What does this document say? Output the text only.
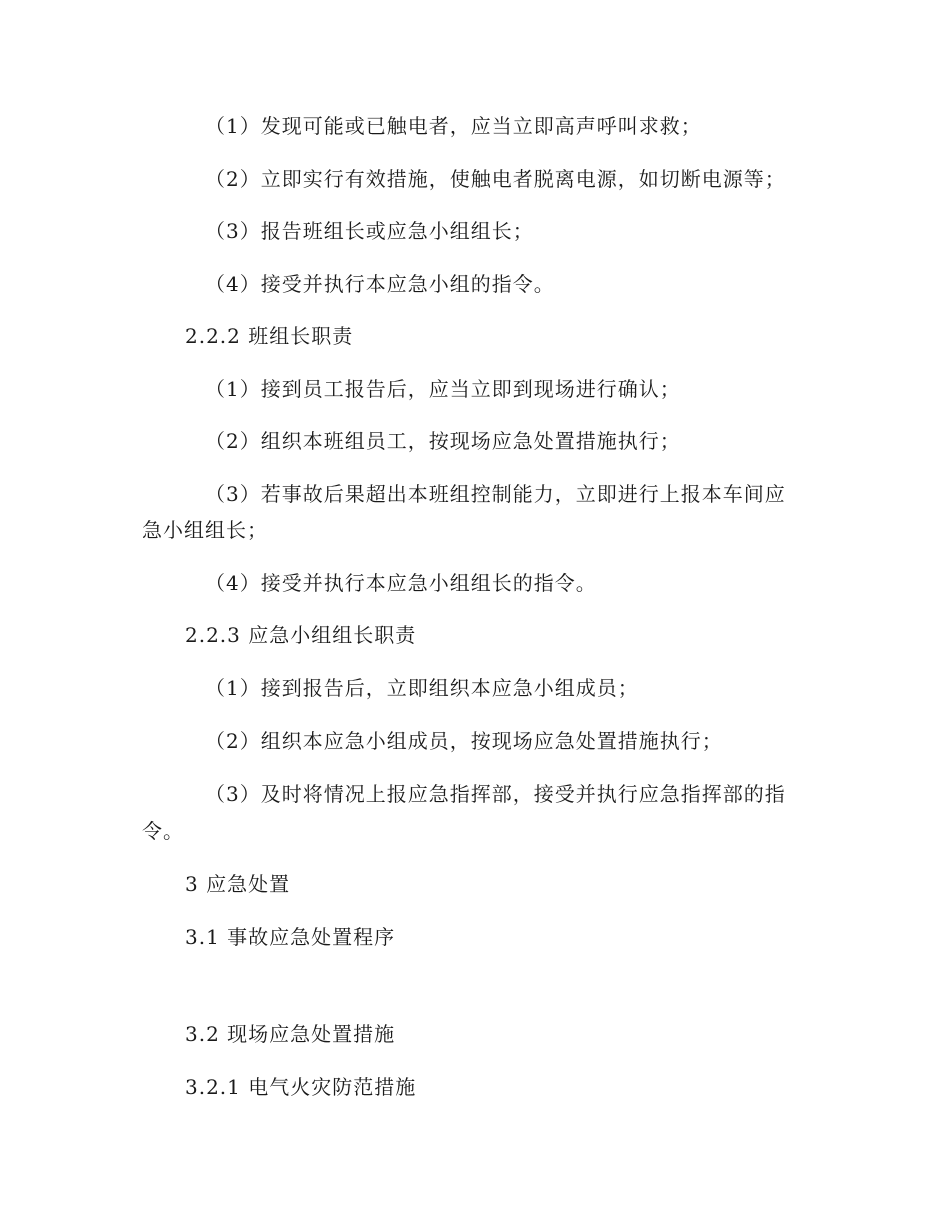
（1）发现可能或已触电者，应当立即高声呼叫求救；
（2）立即实行有效措施，使触电者脱离电源，如切断电源等；
（3）报告班组长或应急小组组长；
（4）接受并执行本应急小组的指令。
2.2.2 班组长职责
（1）接到员工报告后，应当立即到现场进行确认；
（2）组织本班组员工，按现场应急处置措施执行；
（3）若事故后果超出本班组控制能力，立即进行上报本车间应
急小组组长；
（4）接受并执行本应急小组组长的指令。
2.2.3 应急小组组长职责
（1）接到报告后，立即组织本应急小组成员；
（2）组织本应急小组成员，按现场应急处置措施执行；
（3）及时将情况上报应急指挥部，接受并执行应急指挥部的指
令。
3 应急处置
3.1 事故应急处置程序
3.2 现场应急处置措施
3.2.1 电气火灾防范措施
